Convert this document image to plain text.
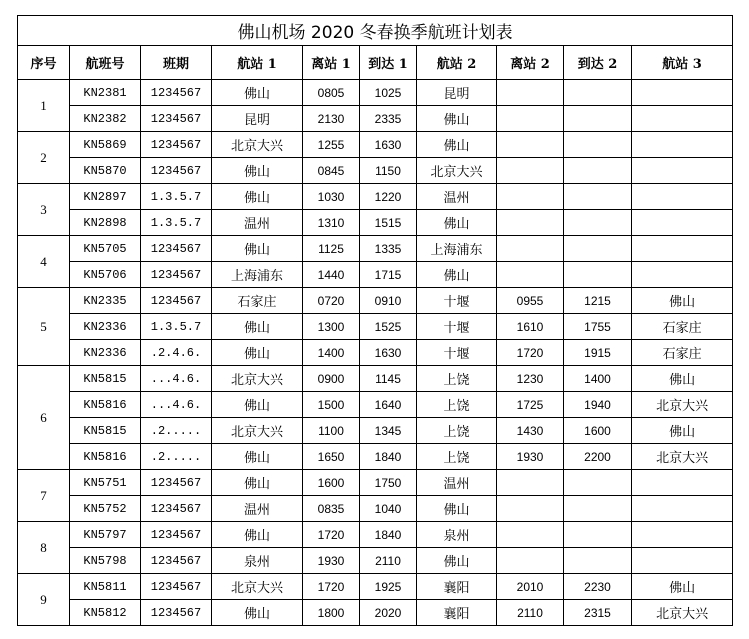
佛山机场 2020 冬春换季航班计划表									
序号	航班号	班期	航站 1	离站 1	到达 1	航站 2	离站 2	到达 2	航站 3
1	KN2381	1234567	佛山	0805	1025	昆明			
	KN2382	1234567	昆明	2130	2335	佛山			
2	KN5869	1234567	北京大兴	1255	1630	佛山			
	KN5870	1234567	佛山	0845	1150	北京大兴			
3	KN2897	1.3.5.7	佛山	1030	1220	温州			
	KN2898	1.3.5.7	温州	1310	1515	佛山			
4	KN5705	1234567	佛山	1125	1335	上海浦东			
	KN5706	1234567	上海浦东	1440	1715	佛山			
5	KN2335	1234567	石家庄	0720	0910	十堰	0955	1215	佛山
	KN2336	1.3.5.7	佛山	1300	1525	十堰	1610	1755	石家庄
	KN2336	.2.4.6.	佛山	1400	1630	十堰	1720	1915	石家庄
6	KN5815	...4.6.	北京大兴	0900	1145	上饶	1230	1400	佛山
	KN5816	...4.6.	佛山	1500	1640	上饶	1725	1940	北京大兴
	KN5815	.2.....	北京大兴	1100	1345	上饶	1430	1600	佛山
	KN5816	.2.....	佛山	1650	1840	上饶	1930	2200	北京大兴
7	KN5751	1234567	佛山	1600	1750	温州			
	KN5752	1234567	温州	0835	1040	佛山			
8	KN5797	1234567	佛山	1720	1840	泉州			
	KN5798	1234567	泉州	1930	2110	佛山			
9	KN5811	1234567	北京大兴	1720	1925	襄阳	2010	2230	佛山
	KN5812	1234567	佛山	1800	2020	襄阳	2110	2315	北京大兴
